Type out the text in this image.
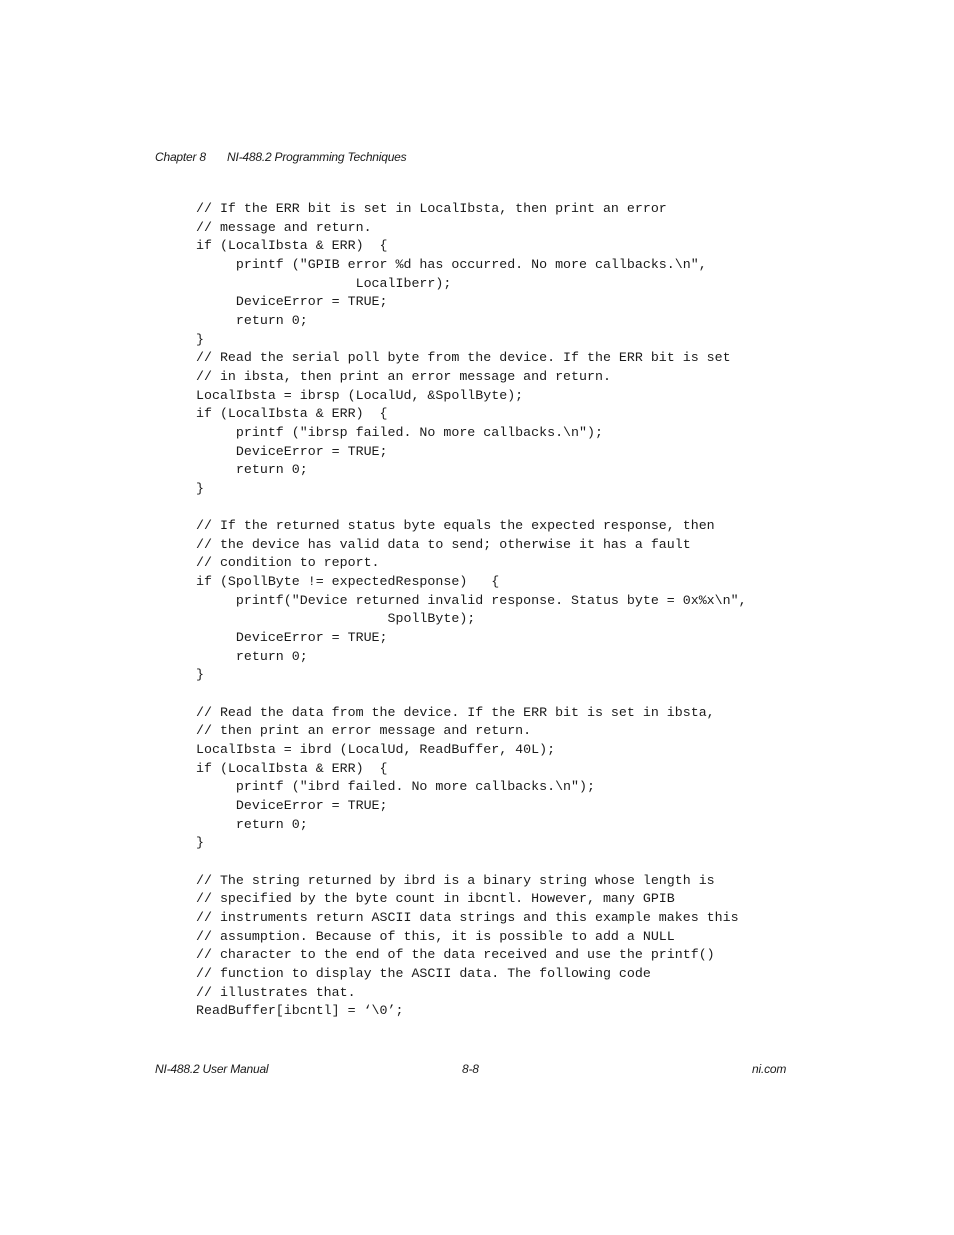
Chapter 8 NI-488.2 Programming Techniques
// If the ERR bit is set in LocalIbsta, then print an error
// message and return.
if (LocalIbsta & ERR)  {
printf ("GPIB error %d has occurred. No more callbacks.\n",
LocalIberr);
DeviceError = TRUE;
return 0;
}
// Read the serial poll byte from the device. If the ERR bit is set
// in ibsta, then print an error message and return.
LocalIbsta = ibrsp (LocalUd, &SpollByte);
if (LocalIbsta & ERR)  {
printf ("ibrsp failed. No more callbacks.\n");
DeviceError = TRUE;
return 0;
}
// If the returned status byte equals the expected response, then
// the device has valid data to send; otherwise it has a fault
// condition to report.
if (SpollByte != expectedResponse)   {
printf("Device returned invalid response. Status byte = 0x%x\n",
SpollByte);
DeviceError = TRUE;
return 0;
}
// Read the data from the device. If the ERR bit is set in ibsta,
// then print an error message and return.
LocalIbsta = ibrd (LocalUd, ReadBuffer, 40L);
if (LocalIbsta & ERR)  {
printf ("ibrd failed. No more callbacks.\n");
DeviceError = TRUE;
return 0;
}
// The string returned by ibrd is a binary string whose length is
// specified by the byte count in ibcntl. However, many GPIB
// instruments return ASCII data strings and this example makes this
// assumption. Because of this, it is possible to add a NULL
// character to the end of the data received and use the printf()
// function to display the ASCII data. The following code
// illustrates that.
ReadBuffer[ibcntl] = ‘\0’;
NI-488.2 User Manual	8-8	ni.com
